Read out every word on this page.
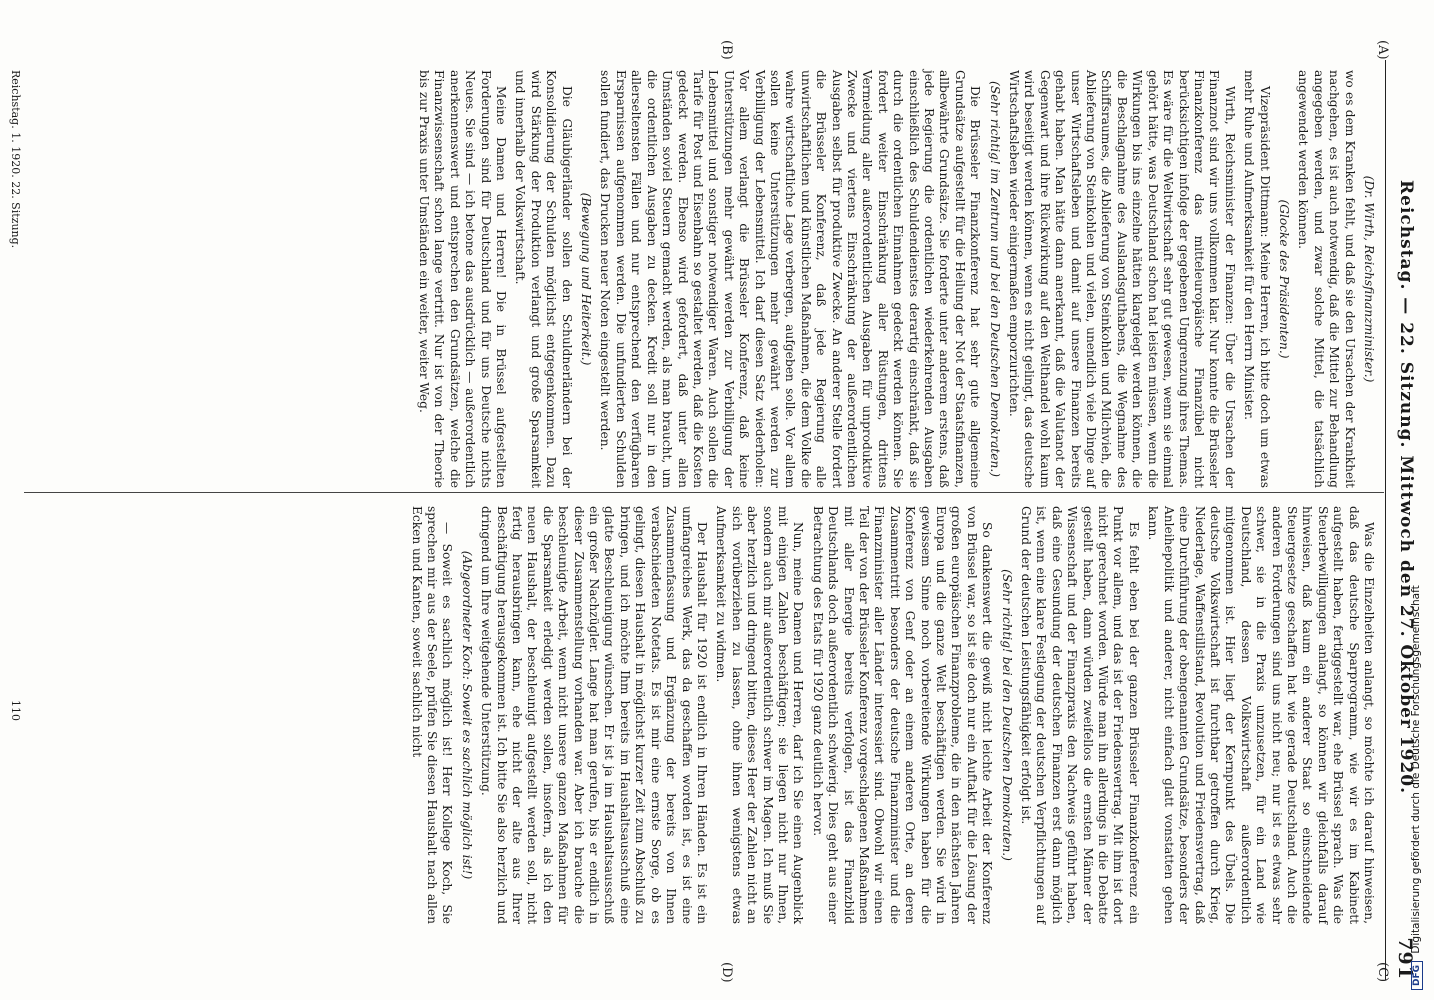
Reichstag. — 22. Sitzung. Mittwoch den 27. Oktober 1920.
791
(A)
(B)
(C)
(D)

(Dr. Wirth, Reichsfinanzminister.)

wo es dem Kranken fehlt, und daß sie den Ursachen der Krankheit nachgehen, es ist auch notwendig, daß die Mittel zur Behandlung angegeben werden, und zwar solche Mittel, die tatsächlich angewendet werden können.

(Glocke des Präsidenten.)

Vizepräsident Dittmann: Meine Herren, ich bitte doch um etwas mehr Ruhe und Aufmerksamkeit für den Herrn Minister.

Wirth, Reichsminister der Finanzen: Über die Ursachen der Finanznot sind wir uns vollkommen klar. Nur konnte die Brüsseler Finanzkonferenz das mitteleuropäische Finanzübel nicht berücksichtigen infolge der gegebenen Umgrenzung ihres Themas. Es wäre für die Weltwirtschaft sehr gut gewesen, wenn sie einmal gehört hätte, was Deutschland schon hat leisten müssen, wenn die Wirkungen bis ins einzelne hätten klargelegt werden können, die die Beschlagnahme des Auslandsguthabens, die Wegnahme des Schiffsraumes, die Ablieferung von Steinkohlen und Milchvieh, die Ablieferung von Steinkohlen und vielen, unendlich viele Dinge auf unser Wirtschaftsleben und damit auf unsere Finanzen bereits gehabt haben. Man hätte dann anerkannt, daß die Valutanot der Gegenwart und ihre Rückwirkung auf den Welthandel wohl kaum wird beseitigt werden können, wenn es nicht gelingt, das deutsche Wirtschaftsleben wieder einigermaßen emporzurichten.

(Sehr richtig! im Zentrum und bei den Deutschen Demokraten.)

Die Brüsseler Finanzkonferenz hat sehr gute allgemeine Grundsätze aufgestellt für die Heilung der Not der Staatsfinanzen, allbewährte Grundsätze. Sie forderte unter anderem erstens, daß jede Regierung die ordentlichen wiederkehrenden Ausgaben einschließlich des Schuldendienstes derartig einschränkt, daß sie durch die ordentlichen Einnahmen gedeckt werden können. Sie fordert weiter Einschränkung aller Rüstungen, drittens Vermeidung aller außerordentlichen Ausgaben für unproduktive Zwecke und viertens Einschränkung der außerordentlichen Ausgaben selbst für produktive Zwecke. An anderer Stelle fordert die Brüsseler Konferenz, daß jede Regierung alle unwirtschaftlichen und künstlichen Maßnahmen, die dem Volke die wahre wirtschaftliche Lage verbergen, aufgeben solle. Vor allem sollen keine Unterstützungen mehr gewährt werden zur Verbilligung der Lebensmittel. Ich darf diesen Satz wiederholen: Vor allem verlangt die Brüsseler Konferenz, daß keine Unterstützungen mehr gewährt werden zur Verbilligung der Lebensmittel und sonstiger notwendiger Waren. Auch sollen die Tarife für Post und Eisenbahn so gestaltet werden, daß die Kosten gedeckt werden. Ebenso wird gefordert, daß unter allen Umständen soviel Steuern gemacht werden, als man braucht, um die ordentlichen Ausgaben zu decken. Kredit soll nur in den allerseltensten Fällen und nur entsprechend den verfügbaren Ersparnissen aufgenommen werden. Die unfundierten Schulden sollen fundiert, das Drucken neuer Noten eingestellt werden.

(Bewegung und Heiterkeit.)

Die Gläubigerländer sollen den Schuldnerländern bei der Konsolidierung der Schulden möglichst entgegenkommen. Dazu wird Stärkung der Produktion verlangt und große Sparsamkeit und innerhalb der Volkswirtschaft.

Meine Damen und Herren! Die in Brüssel aufgestellten Forderungen sind für Deutschland und für uns Deutsche nichts Neues. Sie sind — ich betone das ausdrücklich — außerordentlich anerkennenswert und entsprechen den Grundsätzen, welche die Finanzwissenschaft schon lange vertritt. Nur ist von der Theorie bis zur Praxis unter Umständen ein weiter, weiter Weg.

Was die Einzelheiten anlangt, so möchte ich darauf hinweisen, daß das deutsche Sparprogramm, wie wir es im Kabinett aufgestellt haben, fertiggestellt war, ehe Brüssel sprach. Was die Steuerbewilligungen anlangt, so können wir gleichfalls darauf hinweisen, daß kaum ein anderer Staat so einschneidende Steuergesetze geschaffen hat wie gerade Deutschland. Auch die anderen Forderungen sind uns nicht neu; nur ist es etwas sehr schwer, sie in die Praxis umzusetzen, für ein Land wie Deutschland, dessen Volkswirtschaft außerordentlich mitgenommen ist. Hier liegt der Kernpunkt des Übels. Die deutsche Volkswirtschaft ist furchtbar getroffen durch Krieg, Niederlage, Waffenstillstand, Revolution und Friedensvertrag, daß eine Durchführung der obengenannten Grundsätze, besonders der Anleihepolitik und anderer, nicht einfach glatt vonstatten gehen kann.

Es fehlt eben bei der ganzen Brüsseler Finanzkonferenz ein Punkt vor allem, und das ist der Friedensvertrag. Mit ihm ist dort nicht gerechnet worden. Würde man ihn allerdings in die Debatte gestellt haben, dann würden zweifellos die ernsten Männer der Wissenschaft und der Finanzpraxis den Nachweis geführt haben, daß eine Gesundung der deutschen Finanzen erst dann möglich ist, wenn eine klare Festlegung der deutschen Verpflichtungen auf Grund der deutschen Leistungsfähigkeit erfolgt ist.

(Sehr richtig! bei den Deutschen Demokraten.)

So dankenswert die gewiß nicht leichte Arbeit der Konferenz von Brüssel war, so ist sie doch nur ein Auftakt für die Lösung der großen europäischen Finanzprobleme, die in den nächsten Jahren Europa und die ganze Welt beschäftigen werden. Sie wird in gewissem Sinne noch vorbereitende Wirkungen haben für die Konferenz von Genf oder an einem anderen Orte, an deren Zusammentritt besonders der deutsche Finanzminister und die Finanzminister aller Länder interessiert sind. Obwohl wir einen Teil der von der Brüsseler Konferenz vorgeschlagenen Maßnahmen mit aller Energie bereits verfolgen, ist das Finanzbild Deutschlands doch außerordentlich schwierig. Dies geht aus einer Betrachtung des Etats für 1920 ganz deutlich hervor.

Nun, meine Damen und Herren, darf ich Sie einen Augenblick mit einigen Zahlen beschäftigen; sie liegen nicht nur Ihnen, sondern auch mir außerordentlich schwer im Magen. Ich muß Sie aber herzlich und dringend bitten, dieses Heer der Zahlen nicht an sich vorüberziehen zu lassen, ohne ihnen wenigstens etwas Aufmerksamkeit zu widmen.

Der Haushalt für 1920 ist endlich in Ihren Händen. Es ist ein umfangreiches Werk, das da geschaffen worden ist, es ist eine Zusammenfassung und Ergänzung der bereits von Ihnen verabschiedeten Notetats. Es ist mir eine ernste Sorge, ob es gelingt, diesen Haushalt in möglichst kurzer Zeit zum Abschluß zu bringen, und ich möchte Ihm bereits im Haushaltsausschuß eine glatte Beschleunigung wünschen. Er ist ja im Haushaltsausschuß ein großer Nachzügler. Lange hat man gerufen, bis er endlich in dieser Zusammenstellung vorhanden war. Aber ich brauche die beschleunigte Arbeit, wenn nicht unsere ganzen Maßnahmen für die Sparsamkeit erledigt werden sollen, insofern, als ich den neuen Haushalt, der beschleunigt aufgestellt werden soll, nicht fertig herausbringen kann, ehe nicht der alte aus Ihrer Beschäftigung herausgekommen ist. Ich bitte Sie also herzlich und dringend um Ihre weitgehende Unterstützung.

(Abgeordneter Koch: Soweit es sachlich möglich ist!)

— Soweit es sachlich möglich ist! Herr Kollege Koch, Sie sprechen mir aus der Seele, prüfen Sie diesen Haushalt nach allen Ecken und Kanten, soweit sachlich nicht

Reichstag. 1. 1920. 22. Sitzung.
110
DFG Digitalisierung gefördert durch die Deutsche Forschungsgemeinschaft
